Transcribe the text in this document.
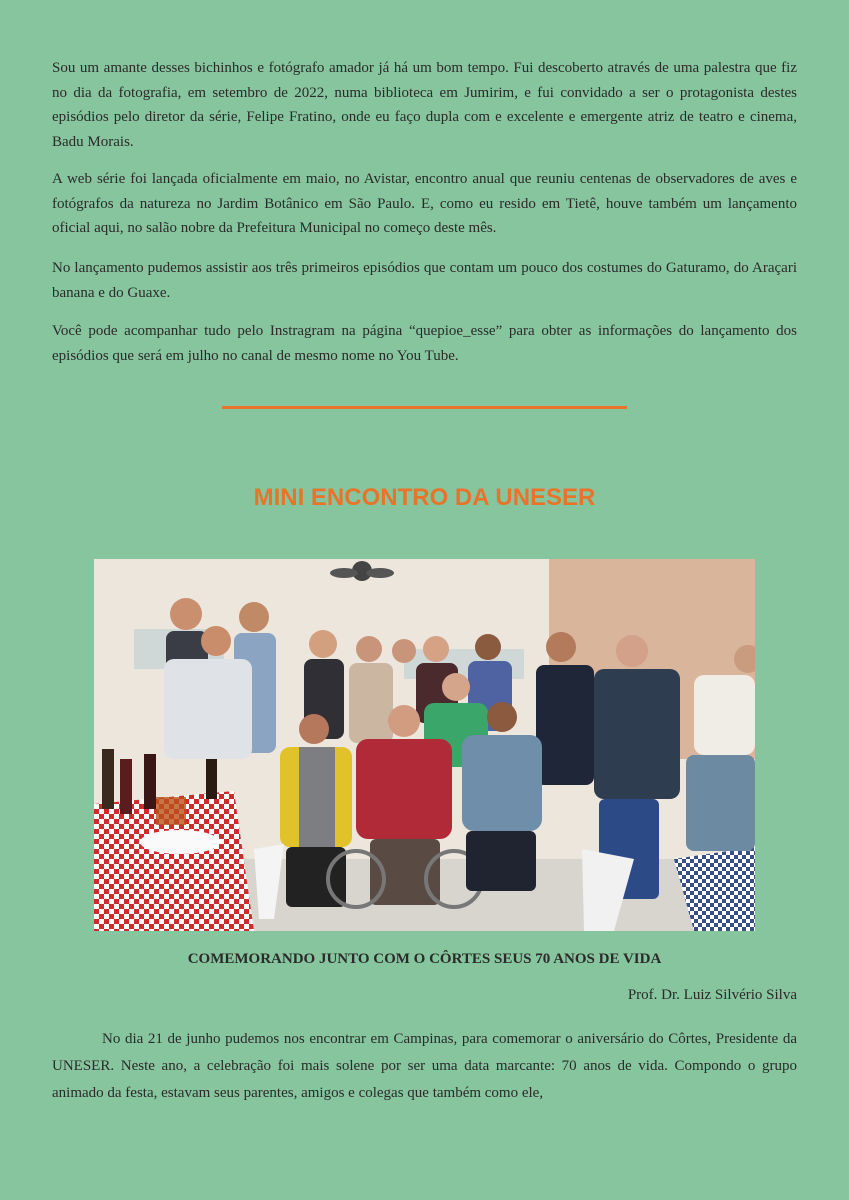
Sou um amante desses bichinhos e fotógrafo amador já há um bom tempo. Fui descoberto através de uma palestra que fiz no dia da fotografia, em setembro de 2022, numa biblioteca em Jumirim, e fui convidado a ser o protagonista destes episódios pelo diretor da série, Felipe Fratino, onde eu faço dupla com e excelente e emergente atriz de teatro e cinema, Badu Morais.

A web série foi lançada oficialmente em maio, no Avistar, encontro anual que reuniu centenas de observadores de aves e fotógrafos da natureza no Jardim Botânico em São Paulo. E, como eu resido em Tietê, houve também um lançamento oficial aqui, no salão nobre da Prefeitura Municipal no começo deste mês.

No lançamento pudemos assistir aos três primeiros episódios que contam um pouco dos costumes do Gaturamo, do Araçari banana e do Guaxe.

Você pode acompanhar tudo pelo Instragram na página “quepioe_esse” para obter as informações do lançamento dos episódios que será em julho no canal de mesmo nome no You Tube.

MINI ENCONTRO DA UNESER

COMEMORANDO JUNTO COM O CÔRTES SEUS 70 ANOS DE VIDA

Prof. Dr. Luiz Silvério Silva

No dia 21 de junho pudemos nos encontrar em Campinas, para comemorar o aniversário do Côrtes, Presidente da UNESER. Neste ano, a celebração foi mais solene por ser uma data marcante: 70 anos de vida. Compondo o grupo animado da festa, estavam seus parentes, amigos e colegas que também como ele,
